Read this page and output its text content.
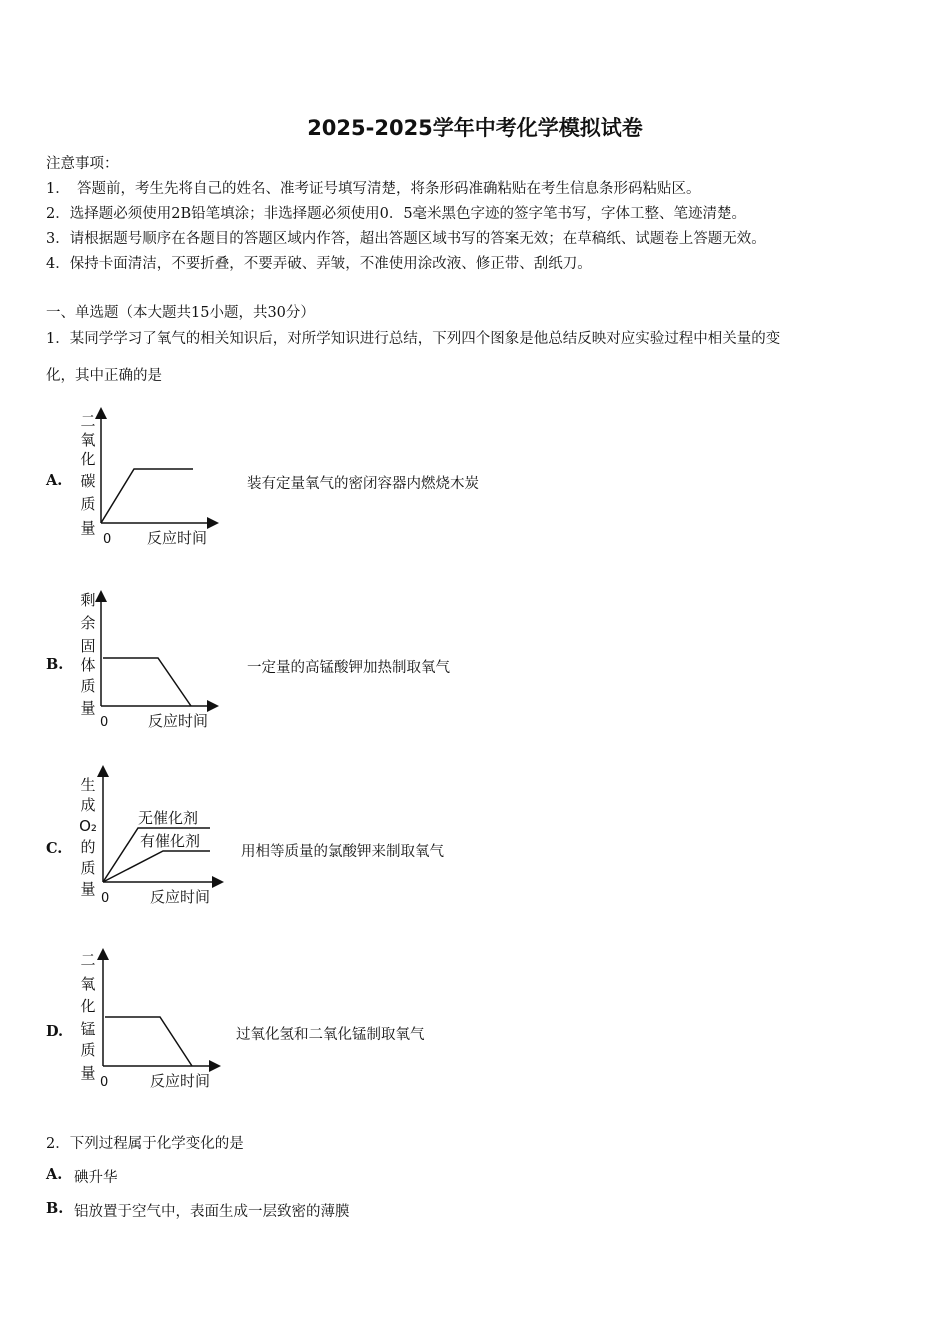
2025-2025学年中考化学模拟试卷
注意事项：
1．　答题前，考生先将自己的姓名、准考证号填写清楚，将条形码准确粘贴在考生信息条形码粘贴区。
2．选择题必须使用2B铅笔填涂；非选择题必须使用0．5毫米黑色字迹的签字笔书写，字体工整、笔迹清楚。
3．请根据题号顺序在各题目的答题区域内作答，超出答题区域书写的答案无效；在草稿纸、试题卷上答题无效。
4．保持卡面清洁，不要折叠，不要弄破、弄皱，不准使用涂改液、修正带、刮纸刀。
一、单选题（本大题共15小题，共30分）
1．某同学学习了氧气的相关知识后，对所学知识进行总结，下列四个图象是他总结反映对应实验过程中相关量的变
化，其中正确的是
A.
二
氧
化
碳
质
量
0 反应时间
装有定量氧气的密闭容器内燃烧木炭
B.
剩
余
固
体
质
量
0	反应时间
一定量的高锰酸钾加热制取氧气
C.
无催化剂
有催化剂
生
成
O₂
的
质
量
0	反应时间
用相等质量的氯酸钾来制取氧气
D.
二
氧
化
锰
质
量
0	反应时间
过氧化氢和二氧化锰制取氧气
2．下列过程属于化学变化的是
A. 碘升华
B. 铝放置于空气中，表面生成一层致密的薄膜
